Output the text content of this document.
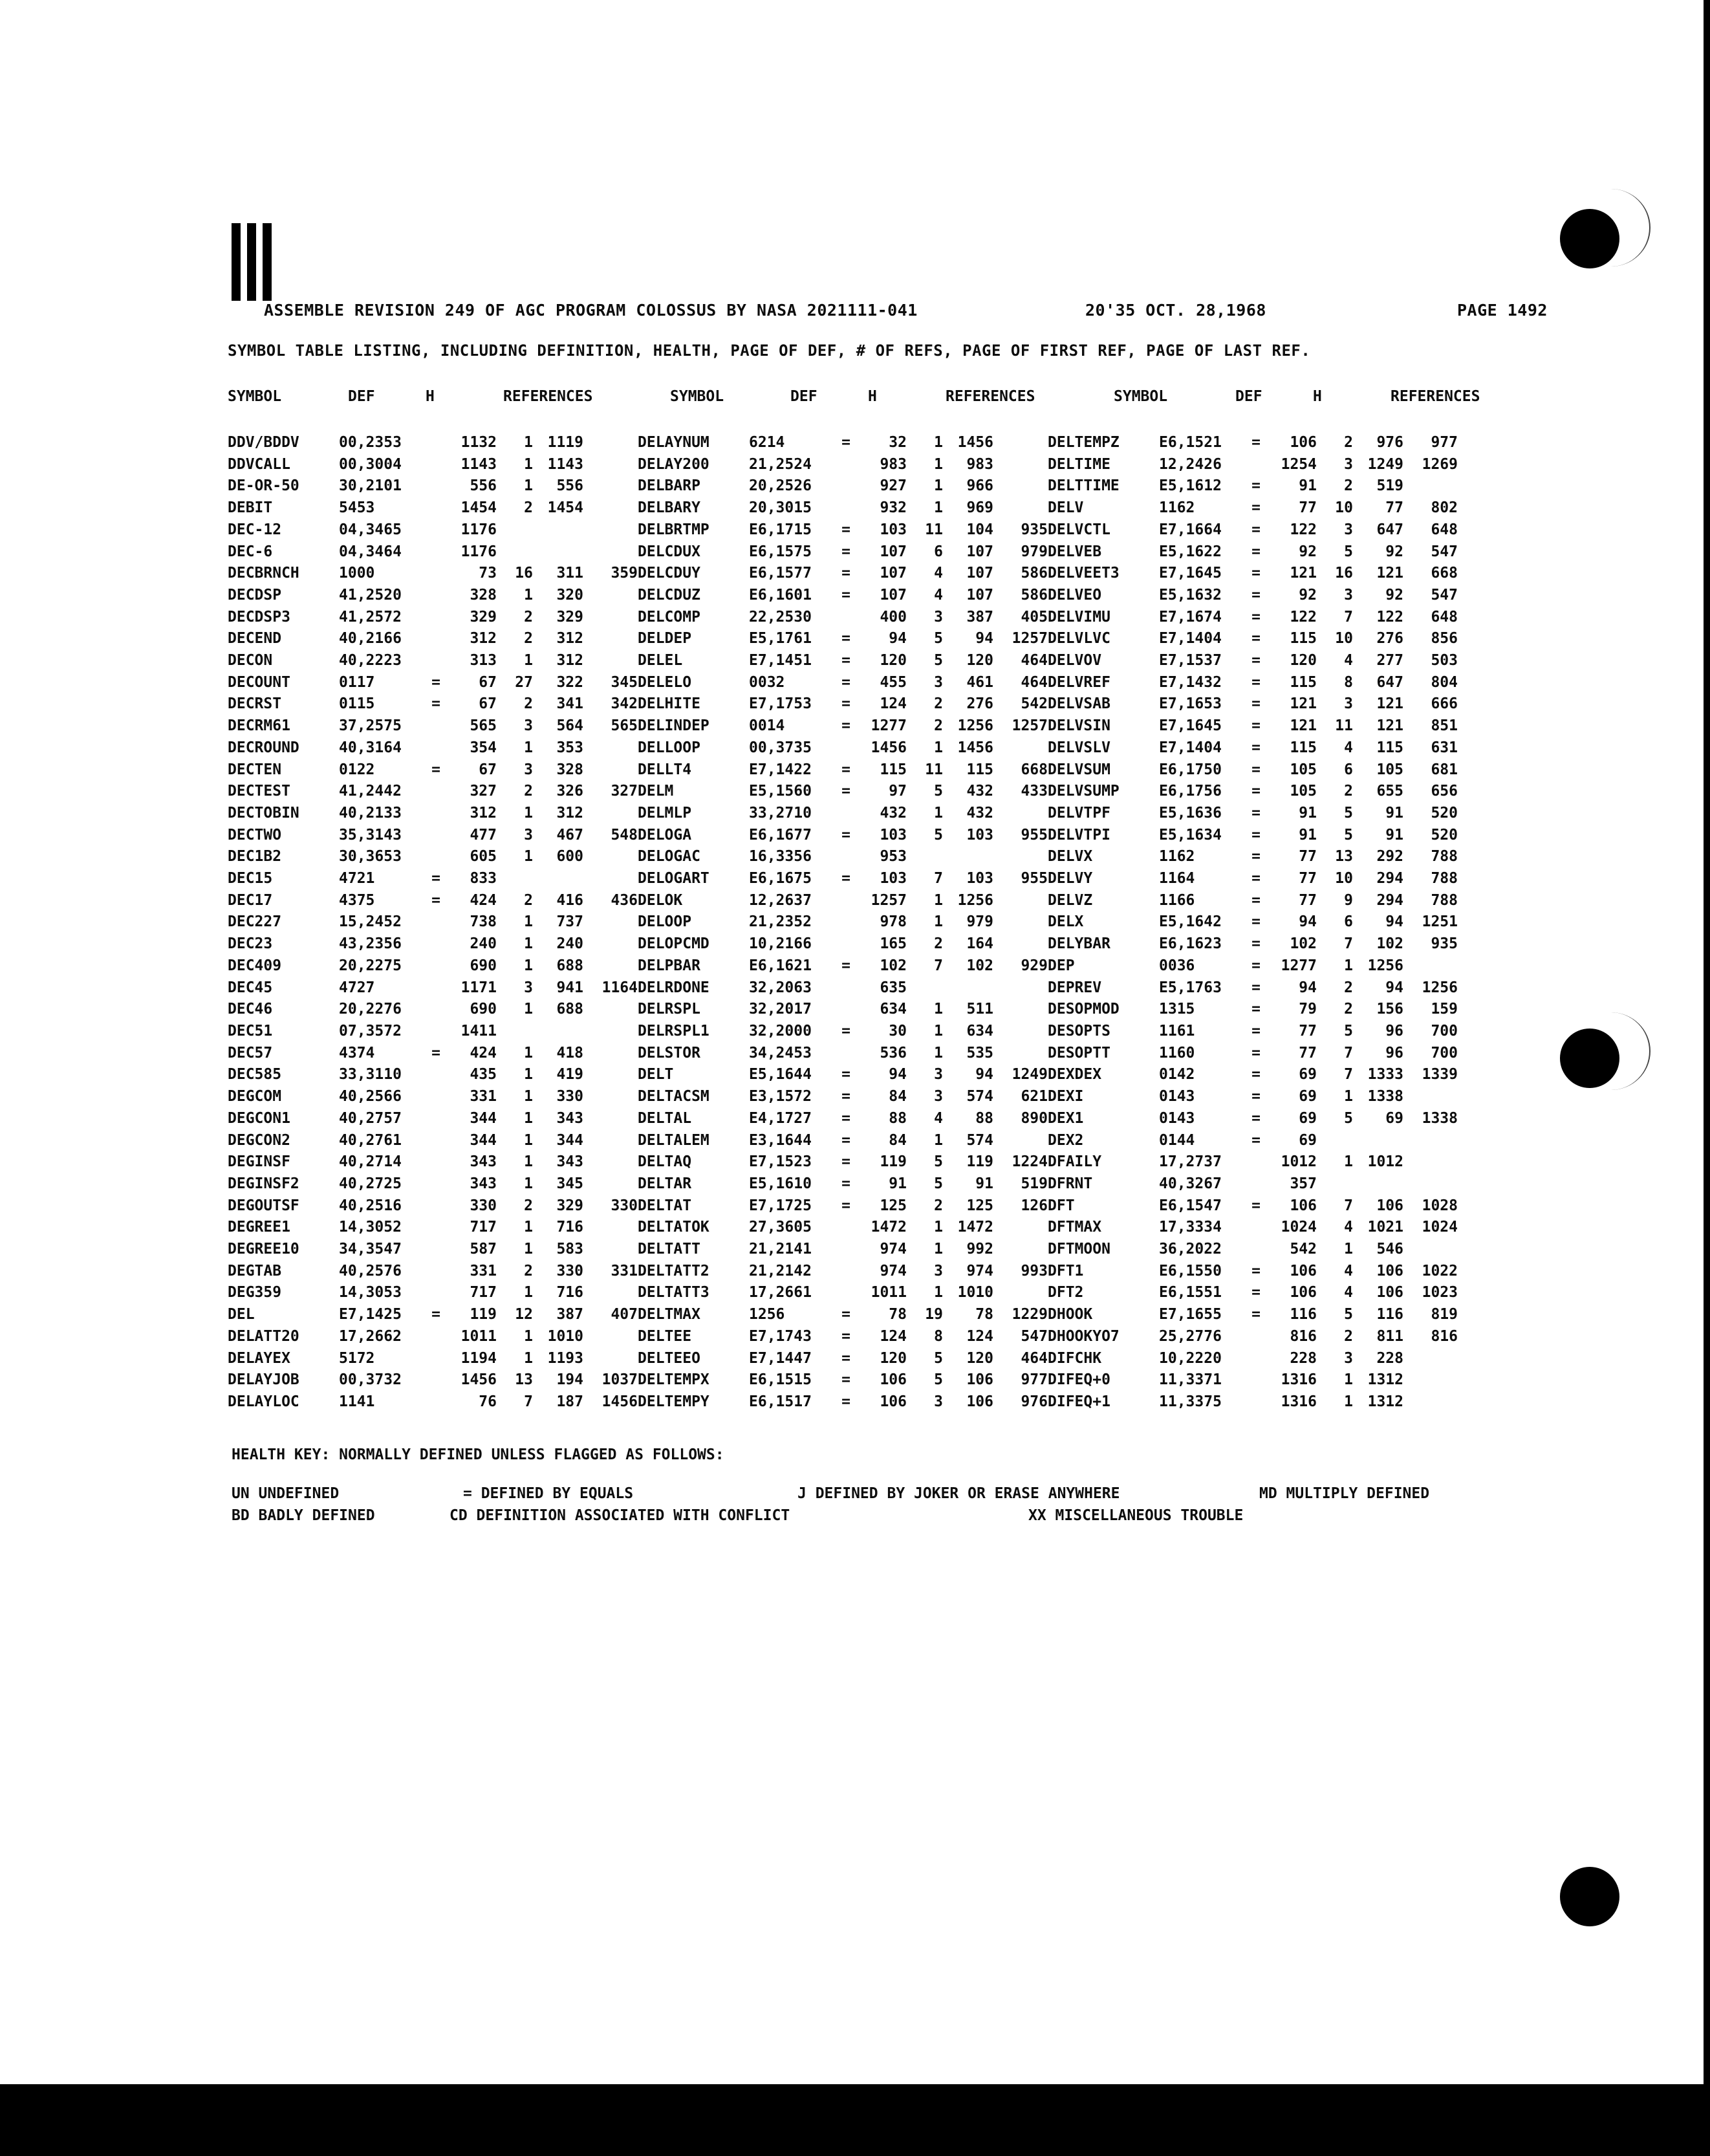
ASSEMBLE REVISION 249 OF AGC PROGRAM COLOSSUS BY NASA 2021111-041	20'35 OCT. 28,1968	PAGE 1492
SYMBOL TABLE LISTING, INCLUDING DEFINITION, HEALTH, PAGE OF DEF, # OF REFS, PAGE OF FIRST REF, PAGE OF LAST REF.
SYMBOL	DEF	H	REFERENCES	SYMBOL	DEF	H	REFERENCES	SYMBOL	DEF	H	REFERENCES
DDV/BDDV	00,2353		1132	1	1119		DELAYNUM	6214	=	32	1	1456		DELTEMPZ	E6,1521	=	106	2	976	977
DDVCALL	00,3004		1143	1	1143		DELAY200	21,2524		983	1	983		DELTIME	12,2426		1254	3	1249	1269
DE-OR-50	30,2101		556	1	556		DELBARP	20,2526		927	1	966		DELTTIME	E5,1612	=	91	2	519	
DEBIT	5453		1454	2	1454		DELBARY	20,3015		932	1	969		DELV	1162	=	77	10	77	802
DEC-12	04,3465		1176				DELBRTMP	E6,1715	=	103	11	104	935	DELVCTL	E7,1664	=	122	3	647	648
DEC-6	04,3464		1176				DELCDUX	E6,1575	=	107	6	107	979	DELVEB	E5,1622	=	92	5	92	547
DECBRNCH	1000		73	16	311	359	DELCDUY	E6,1577	=	107	4	107	586	DELVEET3	E7,1645	=	121	16	121	668
DECDSP	41,2520		328	1	320		DELCDUZ	E6,1601	=	107	4	107	586	DELVEO	E5,1632	=	92	3	92	547
DECDSP3	41,2572		329	2	329		DELCOMP	22,2530		400	3	387	405	DELVIMU	E7,1674	=	122	7	122	648
DECEND	40,2166		312	2	312		DELDEP	E5,1761	=	94	5	94	1257	DELVLVC	E7,1404	=	115	10	276	856
DECON	40,2223		313	1	312		DELEL	E7,1451	=	120	5	120	464	DELVOV	E7,1537	=	120	4	277	503
DECOUNT	0117	=	67	27	322	345	DELELO	0032	=	455	3	461	464	DELVREF	E7,1432	=	115	8	647	804
DECRST	0115	=	67	2	341	342	DELHITE	E7,1753	=	124	2	276	542	DELVSAB	E7,1653	=	121	3	121	666
DECRM61	37,2575		565	3	564	565	DELINDEP	0014	=	1277	2	1256	1257	DELVSIN	E7,1645	=	121	11	121	851
DECROUND	40,3164		354	1	353		DELLOOP	00,3735		1456	1	1456		DELVSLV	E7,1404	=	115	4	115	631
DECTEN	0122	=	67	3	328		DELLT4	E7,1422	=	115	11	115	668	DELVSUM	E6,1750	=	105	6	105	681
DECTEST	41,2442		327	2	326	327	DELM	E5,1560	=	97	5	432	433	DELVSUMP	E6,1756	=	105	2	655	656
DECTOBIN	40,2133		312	1	312		DELMLP	33,2710		432	1	432		DELVTPF	E5,1636	=	91	5	91	520
DECTWO	35,3143		477	3	467	548	DELOGA	E6,1677	=	103	5	103	955	DELVTPI	E5,1634	=	91	5	91	520
DEC1B2	30,3653		605	1	600		DELOGAC	16,3356		953				DELVX	1162	=	77	13	292	788
DEC15	4721	=	833				DELOGART	E6,1675	=	103	7	103	955	DELVY	1164	=	77	10	294	788
DEC17	4375	=	424	2	416	436	DELOK	12,2637		1257	1	1256		DELVZ	1166	=	77	9	294	788
DEC227	15,2452		738	1	737		DELOOP	21,2352		978	1	979		DELX	E5,1642	=	94	6	94	1251
DEC23	43,2356		240	1	240		DELOPCMD	10,2166		165	2	164		DELYBAR	E6,1623	=	102	7	102	935
DEC409	20,2275		690	1	688		DELPBAR	E6,1621	=	102	7	102	929	DEP	0036	=	1277	1	1256	
DEC45	4727		1171	3	941	1164	DELRDONE	32,2063		635				DEPREV	E5,1763	=	94	2	94	1256
DEC46	20,2276		690	1	688		DELRSPL	32,2017		634	1	511		DESOPMOD	1315	=	79	2	156	159
DEC51	07,3572		1411				DELRSPL1	32,2000	=	30	1	634		DESOPTS	1161	=	77	5	96	700
DEC57	4374	=	424	1	418		DELSTOR	34,2453		536	1	535		DESOPTT	1160	=	77	7	96	700
DEC585	33,3110		435	1	419		DELT	E5,1644	=	94	3	94	1249	DEXDEX	0142	=	69	7	1333	1339
DEGCOM	40,2566		331	1	330		DELTACSM	E3,1572	=	84	3	574	621	DEXI	0143	=	69	1	1338	
DEGCON1	40,2757		344	1	343		DELTAL	E4,1727	=	88	4	88	890	DEX1	0143	=	69	5	69	1338
DEGCON2	40,2761		344	1	344		DELTALEM	E3,1644	=	84	1	574		DEX2	0144	=	69			
DEGINSF	40,2714		343	1	343		DELTAQ	E7,1523	=	119	5	119	1224	DFAILY	17,2737		1012	1	1012	
DEGINSF2	40,2725		343	1	345		DELTAR	E5,1610	=	91	5	91	519	DFRNT	40,3267		357			
DEGOUTSF	40,2516		330	2	329	330	DELTAT	E7,1725	=	125	2	125	126	DFT	E6,1547	=	106	7	106	1028
DEGREE1	14,3052		717	1	716		DELTATOK	27,3605		1472	1	1472		DFTMAX	17,3334		1024	4	1021	1024
DEGREE10	34,3547		587	1	583		DELTATT	21,2141		974	1	992		DFTMOON	36,2022		542	1	546	
DEGTAB	40,2576		331	2	330	331	DELTATT2	21,2142		974	3	974	993	DFT1	E6,1550	=	106	4	106	1022
DEG359	14,3053		717	1	716		DELTATT3	17,2661		1011	1	1010		DFT2	E6,1551	=	106	4	106	1023
DEL	E7,1425	=	119	12	387	407	DELTMAX	1256	=	78	19	78	1229	DHOOK	E7,1655	=	116	5	116	819
DELATT20	17,2662		1011	1	1010		DELTEE	E7,1743	=	124	8	124	547	DHOOKYO7	25,2776		816	2	811	816
DELAYEX	5172		1194	1	1193		DELTEEO	E7,1447	=	120	5	120	464	DIFCHK	10,2220		228	3	228	
DELAYJOB	00,3732		1456	13	194	1037	DELTEMPX	E6,1515	=	106	5	106	977	DIFEQ+0	11,3371		1316	1	1312	
DELAYLOC	1141		76	7	187	1456	DELTEMPY	E6,1517	=	106	3	106	976	DIFEQ+1	11,3375		1316	1	1312	
HEALTH KEY: NORMALLY DEFINED UNLESS FLAGGED AS FOLLOWS:
UN UNDEFINED	= DEFINED BY EQUALS	J DEFINED BY JOKER OR ERASE ANYWHERE	MD MULTIPLY DEFINED
BD BADLY DEFINED	CD DEFINITION ASSOCIATED WITH CONFLICT	XX MISCELLANEOUS TROUBLE
